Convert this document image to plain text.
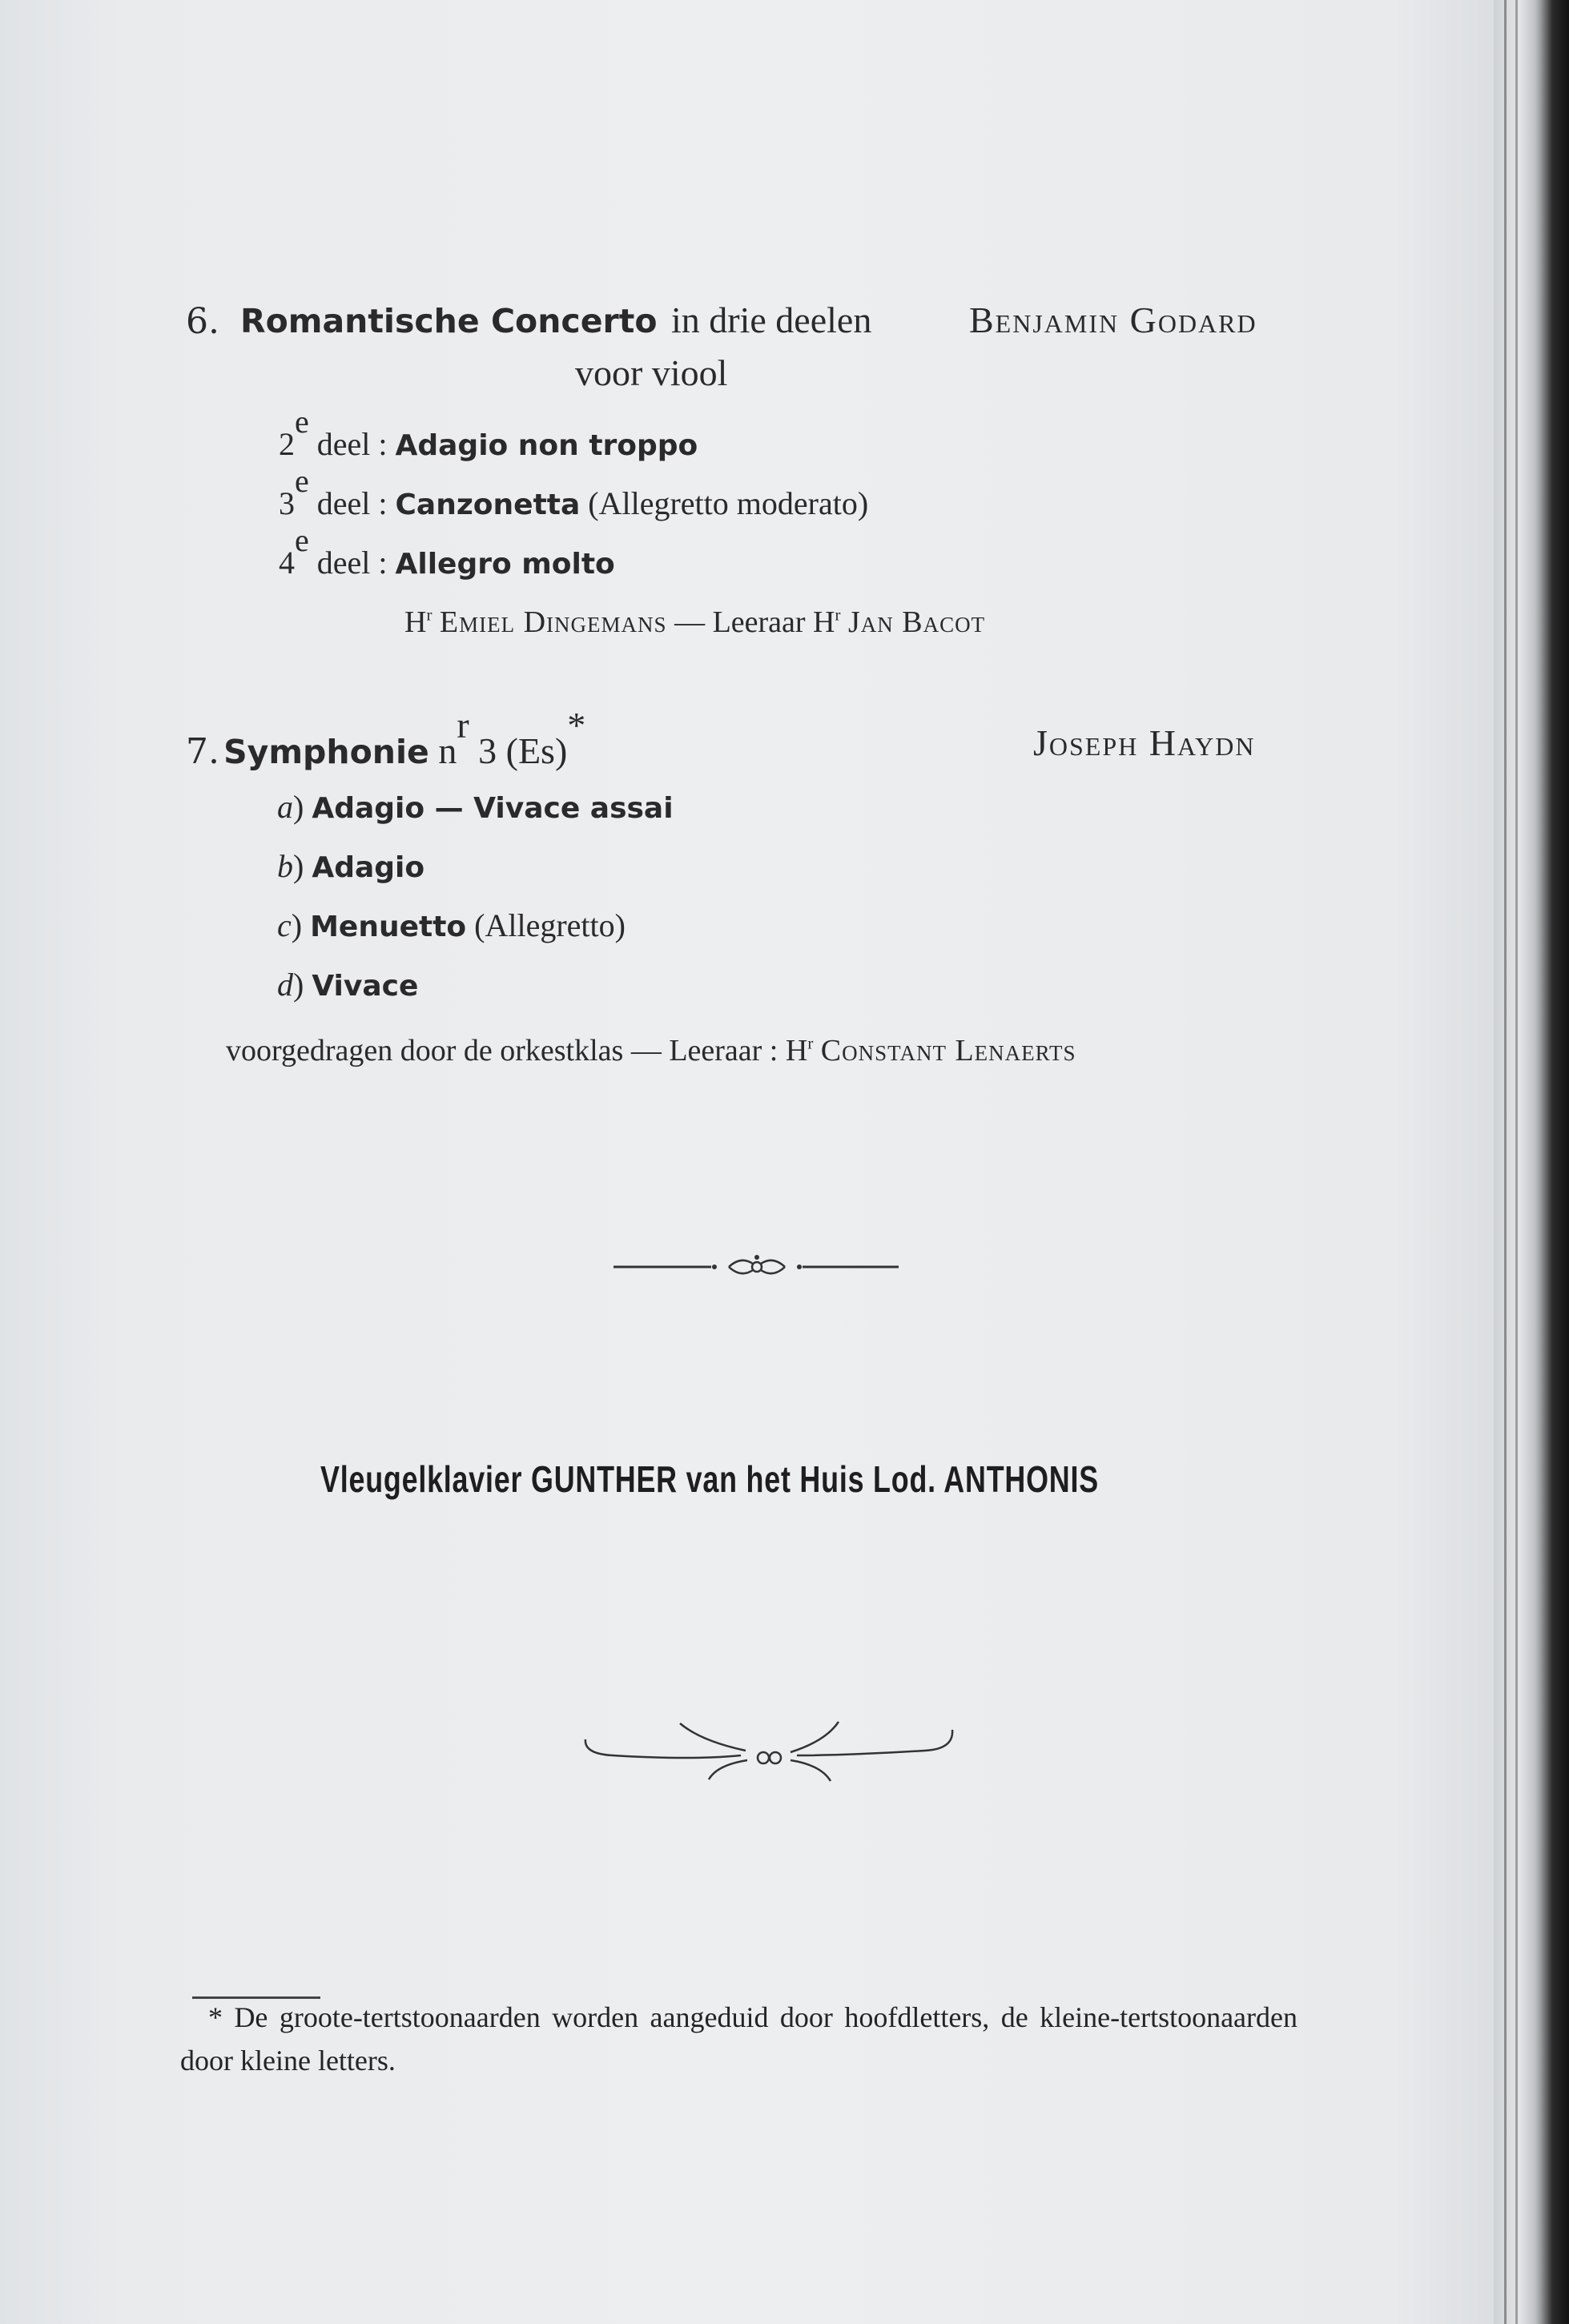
6. Romantische Concerto in drie deelen
voor viool
Benjamin Godard
2e deel : Adagio non troppo
3e deel : Canzonetta (Allegretto moderato)
4e deel : Allegro molto
$H^r$ Emiel Dingemans — Leeraar $H^r$ Jan Bacot
7. Symphonie $n^r$ 3 (Es)*	Joseph Haydn
a) Adagio — Vivace assai
b) Adagio
c) Menuetto (Allegretto)
d) Vivace
voorgedragen door de orkestklas — Leeraar : $H^r$ Constant Lenaerts
Vleugelklavier GUNTHER van het Huis Lod. ANTHONIS
* De groote-tertstoonaarden worden aangeduid door hoofdletters, de kleine-tertstoonaarden door kleine letters.
